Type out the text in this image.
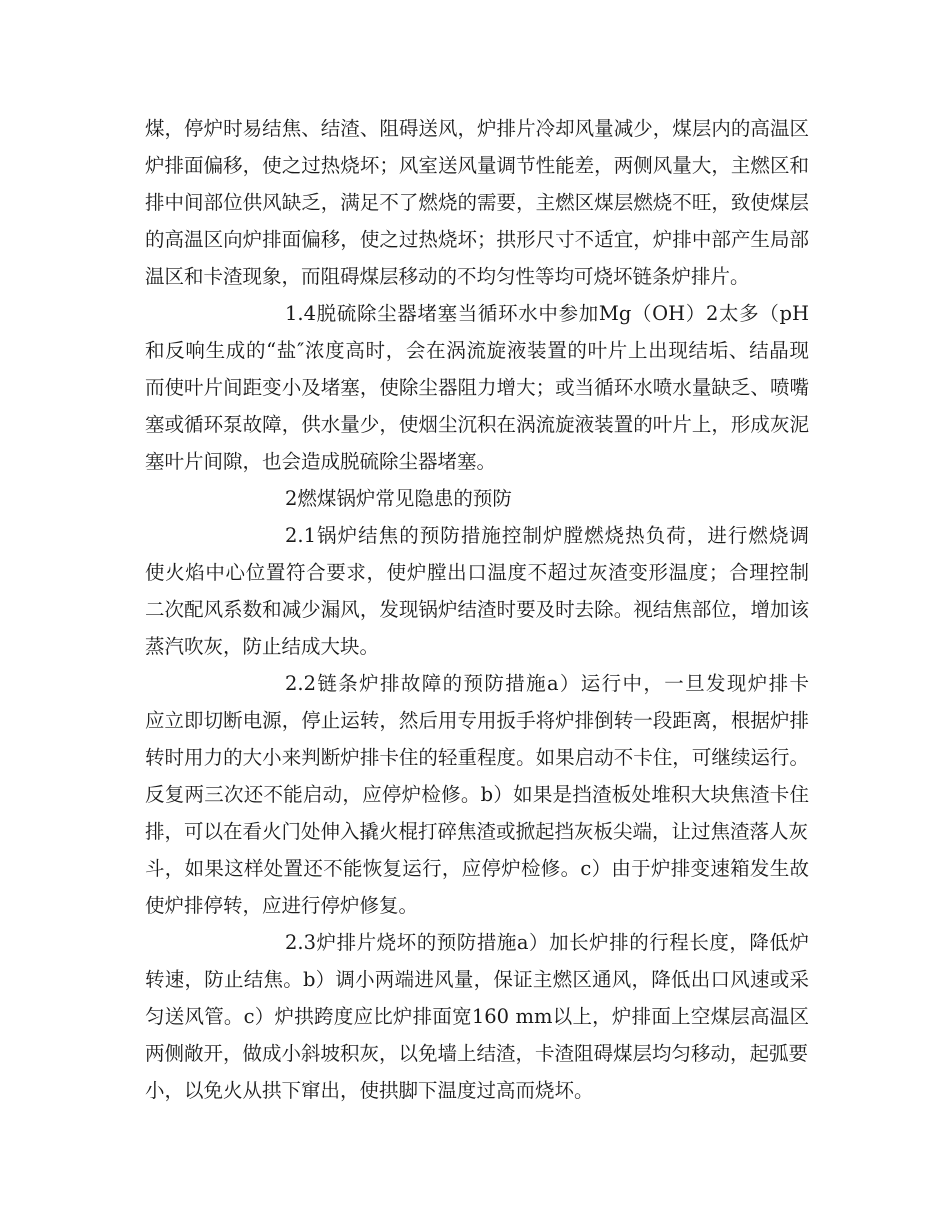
煤，停炉时易结焦、结渣、阻碍送风，炉排片冷却风量减少，煤层内的高温区
炉排面偏移，使之过热烧坏；风室送风量调节性能差，两侧风量大，主燃区和
排中间部位供风缺乏，满足不了燃烧的需要，主燃区煤层燃烧不旺，致使煤层
的高温区向炉排面偏移，使之过热烧坏；拱形尺寸不适宜，炉排中部产生局部
温区和卡渣现象，而阻碍煤层移动的不均匀性等均可烧坏链条炉排片。
1.4脱硫除尘器堵塞当循环水中参加Mg（OH）2太多（pH
和反响生成的“盐″浓度高时，会在涡流旋液装置的叶片上出现结垢、结晶现
而使叶片间距变小及堵塞，使除尘器阻力增大；或当循环水喷水量缺乏、喷嘴
塞或循环泵故障，供水量少，使烟尘沉积在涡流旋液装置的叶片上，形成灰泥
塞叶片间隙，也会造成脱硫除尘器堵塞。
2燃煤锅炉常见隐患的预防
2.1锅炉结焦的预防措施控制炉膛燃烧热负荷，进行燃烧调
使火焰中心位置符合要求，使炉膛出口温度不超过灰渣变形温度；合理控制
二次配风系数和减少漏风，发现锅炉结渣时要及时去除。视结焦部位，增加该
蒸汽吹灰，防止结成大块。
2.2链条炉排故障的预防措施a）运行中，一旦发现炉排卡
应立即切断电源，停止运转，然后用专用扳手将炉排倒转一段距离，根据炉排
转时用力的大小来判断炉排卡住的轻重程度。如果启动不卡住，可继续运行。
反复两三次还不能启动，应停炉检修。b）如果是挡渣板处堆积大块焦渣卡住
排，可以在看火门处伸入撬火棍打碎焦渣或掀起挡灰板尖端，让过焦渣落人灰
斗，如果这样处置还不能恢复运行，应停炉检修。c）由于炉排变速箱发生故
使炉排停转，应进行停炉修复。
2.3炉排片烧坏的预防措施a）加长炉排的行程长度，降低炉
转速，防止结焦。b）调小两端进风量，保证主燃区通风，降低出口风速或采
匀送风管。c）炉拱跨度应比炉排面宽160 mm以上，炉排面上空煤层高温区
两侧敞开，做成小斜坡积灰，以免墙上结渣，卡渣阻碍煤层均匀移动，起弧要
小，以免火从拱下窜出，使拱脚下温度过高而烧坏。
